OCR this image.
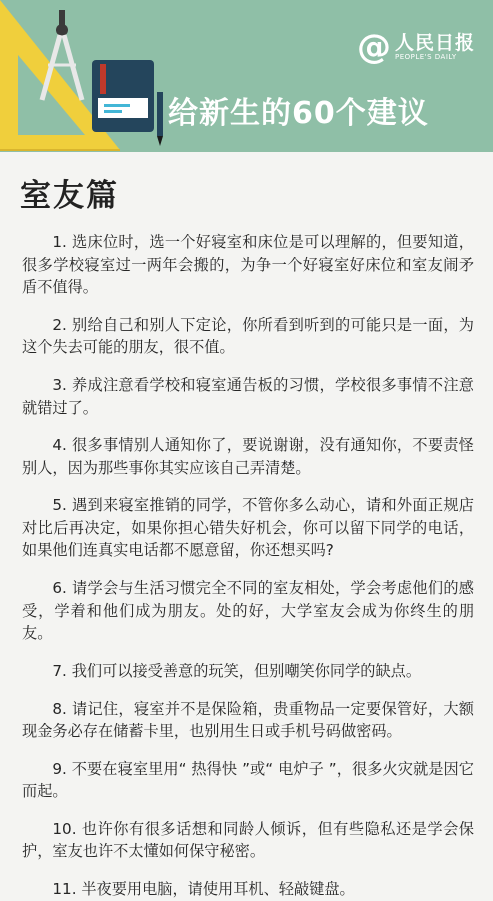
@ 人民日报
PEOPLE'S DAILY
给新生的60个建议
室友篇

1. 选床位时，选一个好寝室和床位是可以理解的，但要知道，很多学校寝室过一两年会搬的，为争一个好寝室好床位和室友闹矛盾不值得。

2. 别给自己和别人下定论，你所看到听到的可能只是一面，为这个失去可能的朋友，很不值。

3. 养成注意看学校和寝室通告板的习惯，学校很多事情不注意就错过了。

4. 很多事情别人通知你了，要说谢谢，没有通知你，不要责怪别人，因为那些事你其实应该自己弄清楚。

5. 遇到来寝室推销的同学，不管你多么动心，请和外面正规店对比后再决定，如果你担心错失好机会，你可以留下同学的电话，如果他们连真实电话都不愿意留，你还想买吗?

6. 请学会与生活习惯完全不同的室友相处，学会考虑他们的感受，学着和他们成为朋友。处的好，大学室友会成为你终生的朋友。

7. 我们可以接受善意的玩笑，但别嘲笑你同学的缺点。

8. 请记住，寝室并不是保险箱，贵重物品一定要保管好，大额现金务必存在储蓄卡里，也别用生日或手机号码做密码。

9. 不要在寝室里用“ 热得快 ”或“ 电炉子 ”，很多火灾就是因它而起。

10. 也许你有很多话想和同龄人倾诉，但有些隐私还是学会保护，室友也许不太懂如何保守秘密。

11. 半夜要用电脑，请使用耳机、轻敲键盘。
